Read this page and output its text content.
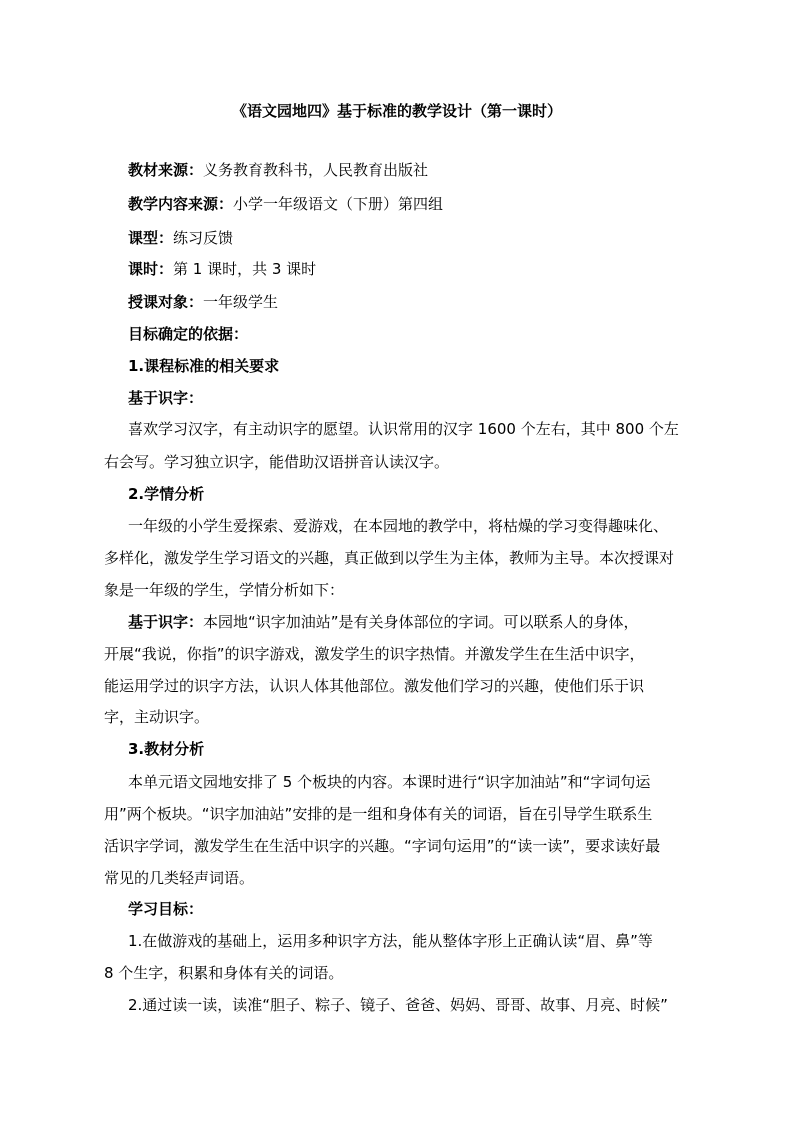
《语文园地四》基于标准的教学设计（第一课时）
教材来源：义务教育教科书，人民教育出版社
教学内容来源：小学一年级语文（下册）第四组
课型：练习反馈
课时：第 1 课时，共 3 课时
授课对象：一年级学生
目标确定的依据：
1.课程标准的相关要求
基于识字：
喜欢学习汉字，有主动识字的愿望。认识常用的汉字 1600 个左右，其中 800 个左
右会写。学习独立识字，能借助汉语拼音认读汉字。
2.学情分析
一年级的小学生爱探索、爱游戏，在本园地的教学中，将枯燥的学习变得趣味化、
多样化，激发学生学习语文的兴趣，真正做到以学生为主体，教师为主导。本次授课对
象是一年级的学生，学情分析如下：
基于识字：本园地“识字加油站”是有关身体部位的字词。可以联系人的身体，
开展“我说，你指”的识字游戏，激发学生的识字热情。并激发学生在生活中识字，
能运用学过的识字方法，认识人体其他部位。激发他们学习的兴趣，使他们乐于识
字，主动识字。
3.教材分析
本单元语文园地安排了 5 个板块的内容。本课时进行“识字加油站”和“字词句运
用”两个板块。“识字加油站”安排的是一组和身体有关的词语，旨在引导学生联系生
活识字学词，激发学生在生活中识字的兴趣。“字词句运用”的“读一读”，要求读好最
常见的几类轻声词语。
学习目标：
1.在做游戏的基础上，运用多种识字方法，能从整体字形上正确认读“眉、鼻”等
8 个生字，积累和身体有关的词语。
2.通过读一读，读准“胆子、粽子、镜子、爸爸、妈妈、哥哥、故事、月亮、时候”
